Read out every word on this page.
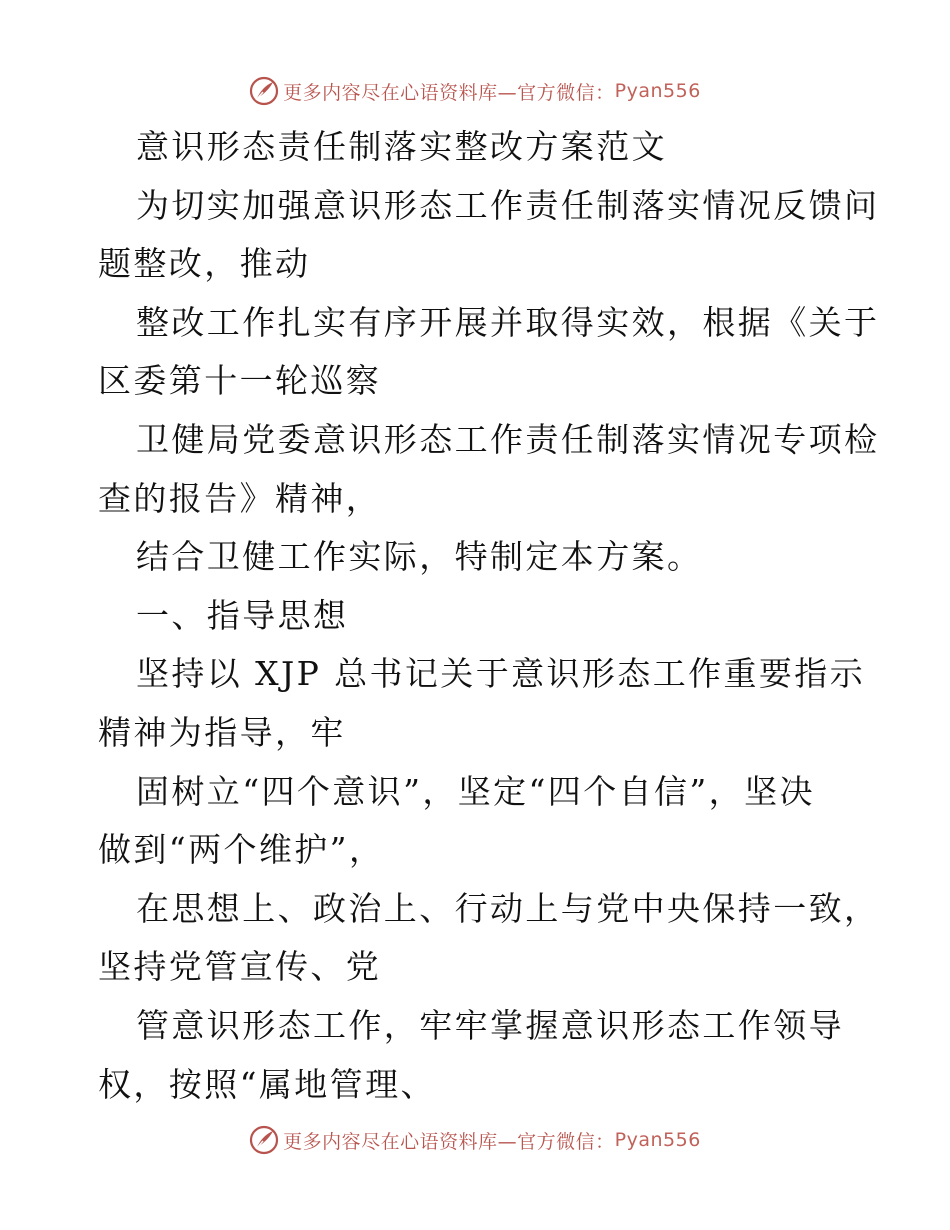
更多内容尽在心语资料库—官方微信： Pyan556
意识形态责任制落实整改方案范文
为切实加强意识形态工作责任制落实情况反馈问
题整改，推动
整改工作扎实有序开展并取得实效，根据《关于
区委第十一轮巡察
卫健局党委意识形态工作责任制落实情况专项检
查的报告》精神，
结合卫健工作实际，特制定本方案。
一、指导思想
坚持以 XJP 总书记关于意识形态工作重要指示
精神为指导，牢
固树立“四个意识”，坚定“四个自信”，坚决
做到“两个维护”，
在思想上、政治上、行动上与党中央保持一致，
坚持党管宣传、党
管意识形态工作，牢牢掌握意识形态工作领导
权，按照“属地管理、
更多内容尽在心语资料库—官方微信： Pyan556
